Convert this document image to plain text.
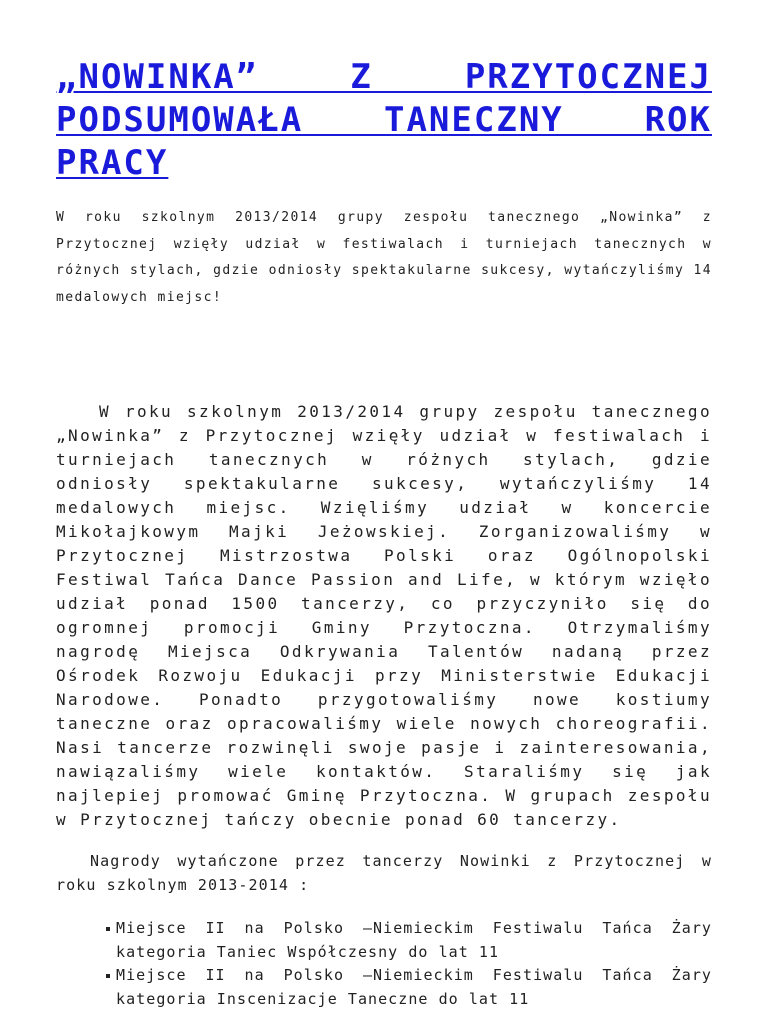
„NOWINKA” Z PRZYTOCZNEJ PODSUMOWAŁA TANECZNY ROK PRACY

W roku szkolnym 2013/2014 grupy zespołu tanecznego „Nowinka” z Przytocznej wzięły udział w festiwalach i turniejach tanecznych w różnych stylach, gdzie odniosły spektakularne sukcesy, wytańczyliśmy 14 medalowych miejsc!

W roku szkolnym 2013/2014 grupy zespołu tanecznego „Nowinka” z Przytocznej wzięły udział w festiwalach i turniejach tanecznych w różnych stylach, gdzie odniosły spektakularne sukcesy, wytańczyliśmy 14 medalowych miejsc. Wzięliśmy udział w koncercie Mikołajkowym Majki Jeżowskiej. Zorganizowaliśmy w Przytocznej Mistrzostwa Polski oraz Ogólnopolski Festiwal Tańca Dance Passion and Life, w którym wzięło udział ponad 1500 tancerzy, co przyczyniło się do ogromnej promocji Gminy Przytoczna. Otrzymaliśmy nagrodę Miejsca Odkrywania Talentów nadaną przez Ośrodek Rozwoju Edukacji przy Ministerstwie Edukacji Narodowe. Ponadto przygotowaliśmy nowe kostiumy taneczne oraz opracowaliśmy wiele nowych choreografii. Nasi tancerze rozwinęli swoje pasje i zainteresowania, nawiązaliśmy wiele kontaktów. Staraliśmy się jak najlepiej promować Gminę Przytoczna. W grupach zespołu w Przytocznej tańczy obecnie ponad 60 tancerzy.

Nagrody wytańczone przez tancerzy Nowinki z Przytocznej w roku szkolnym 2013-2014 :

Miejsce II na Polsko –Niemieckim Festiwalu Tańca Żary kategoria Taniec Współczesny do lat 11
Miejsce II na Polsko –Niemieckim Festiwalu Tańca Żary kategoria Inscenizacje Taneczne do lat 11
